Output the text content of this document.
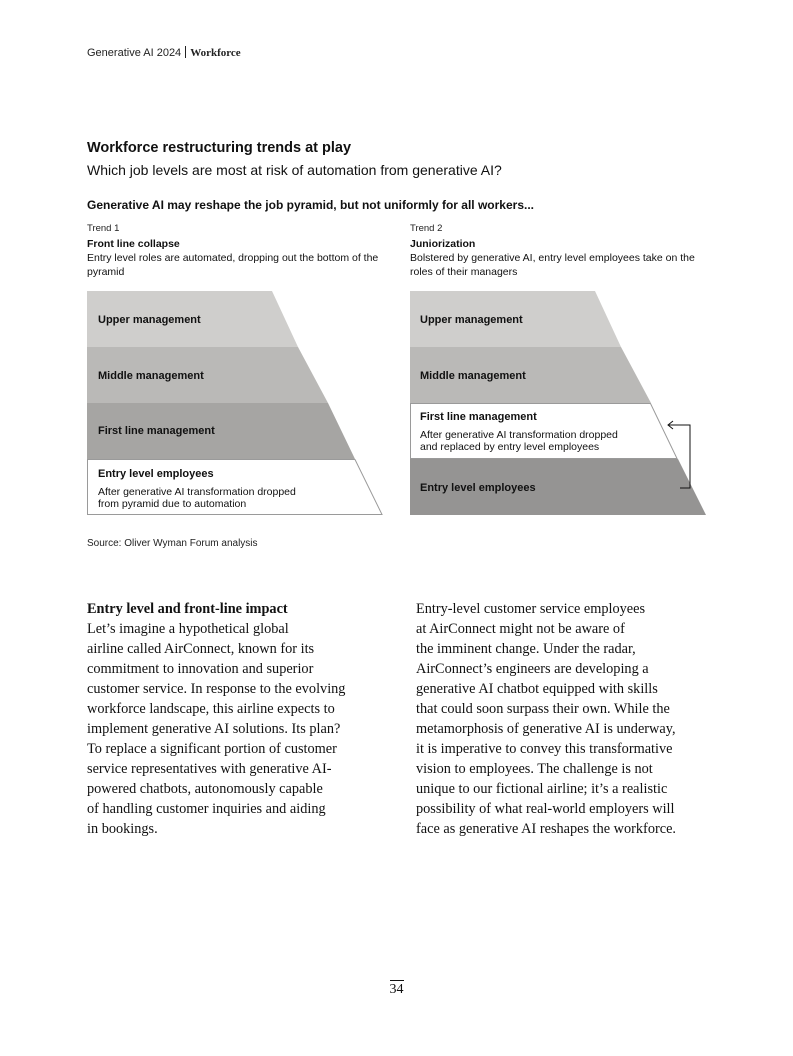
Generative AI 2024 Workforce
Workforce restructuring trends at play
Which job levels are most at risk of automation from generative AI?
Generative AI may reshape the job pyramid, but not uniformly for all workers...
Trend 1
Front line collapse
Entry level roles are automated, dropping out the bottom of the pyramid
Trend 2
Juniorization
Bolstered by generative AI, entry level employees take on the roles of their managers
Upper management
Middle management
First line management
Entry level employees
After generative AI transformation dropped
from pyramid due to automation
Upper management
Middle management
First line management
After generative AI transformation dropped
and replaced by entry level employees
Entry level employees
Source: Oliver Wyman Forum analysis
Entry level and front-line impact
Let’s imagine a hypothetical global
airline called AirConnect, known for its
commitment to innovation and superior
customer service. In response to the evolving
workforce landscape, this airline expects to
implement generative AI solutions. Its plan?
To replace a significant portion of customer
service representatives with generative AI-
powered chatbots, autonomously capable
of handling customer inquiries and aiding
in bookings.
Entry-level customer service employees
at AirConnect might not be aware of
the imminent change. Under the radar,
AirConnect’s engineers are developing a
generative AI chatbot equipped with skills
that could soon surpass their own. While the
metamorphosis of generative AI is underway,
it is imperative to convey this transformative
vision to employees. The challenge is not
unique to our fictional airline; it’s a realistic
possibility of what real-world employers will
face as generative AI reshapes the workforce.
34
